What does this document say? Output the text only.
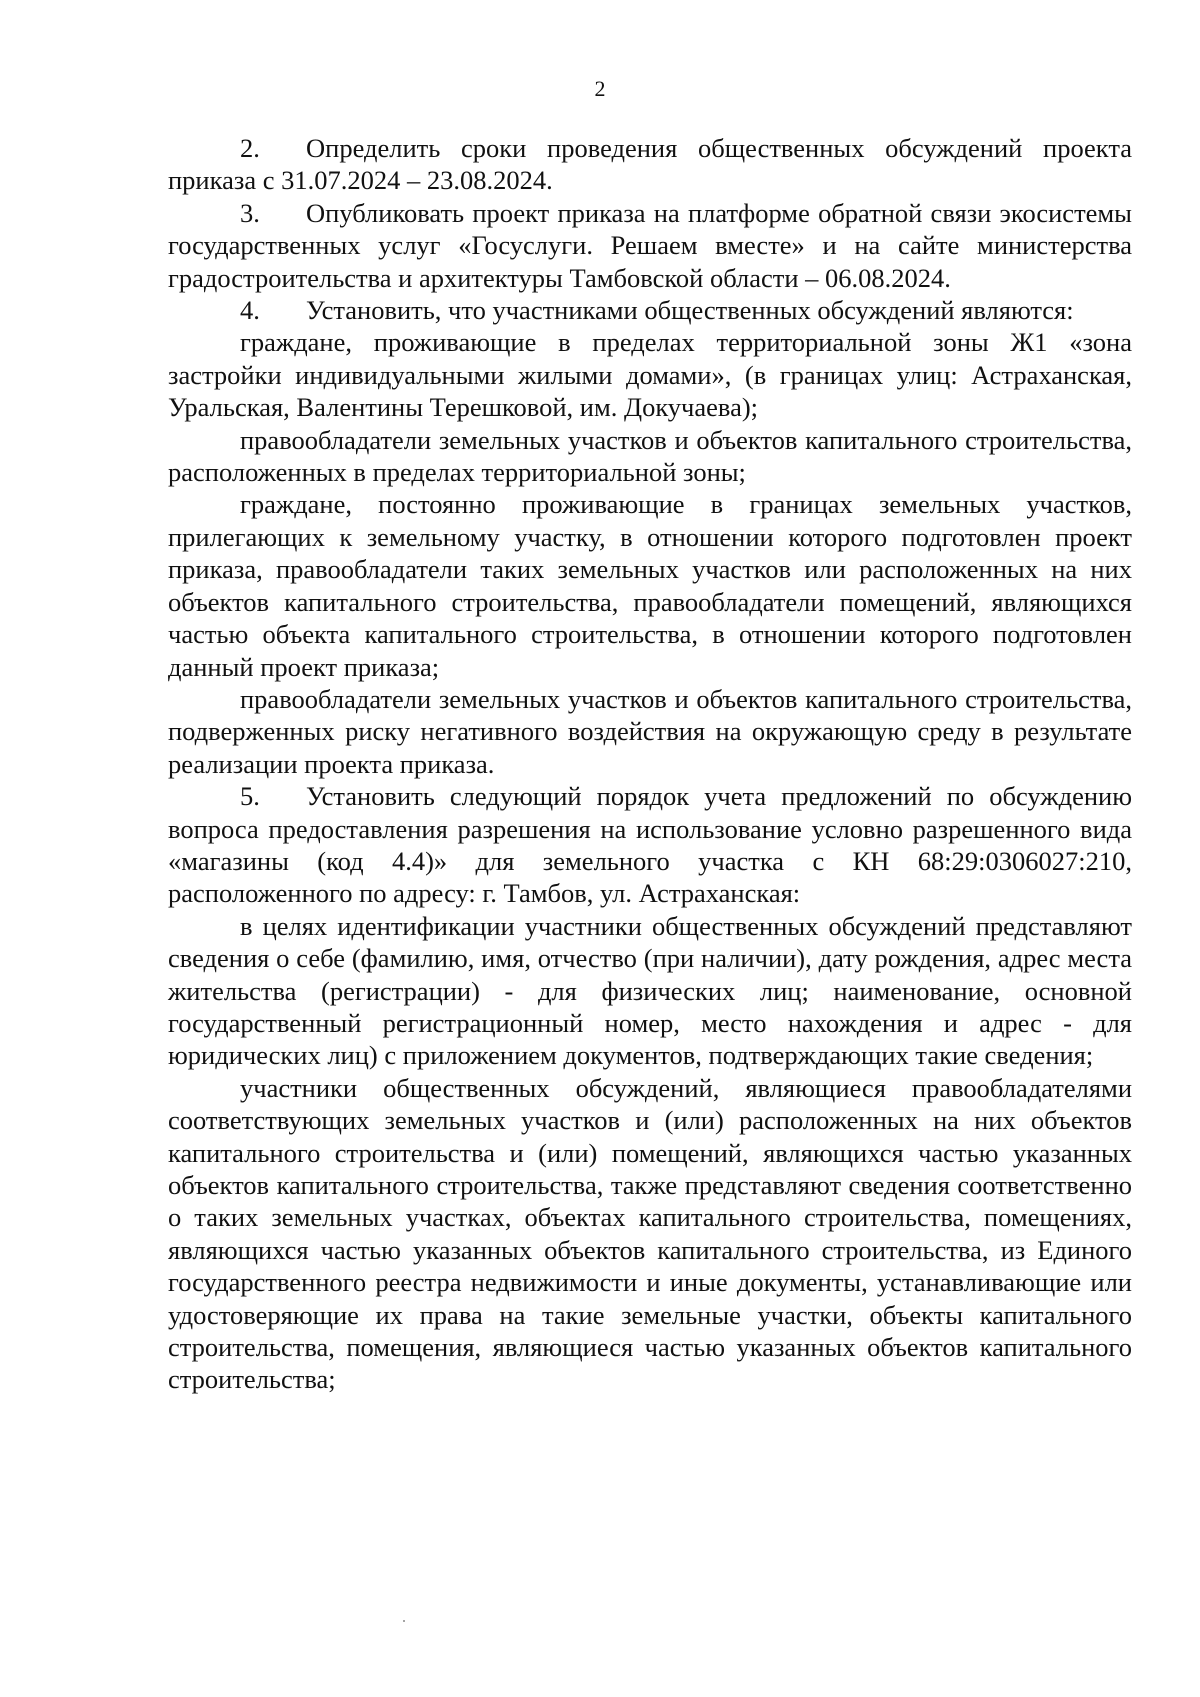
2

2. Определить сроки проведения общественных обсуждений проекта приказа с 31.07.2024 – 23.08.2024.

3. Опубликовать проект приказа на платформе обратной связи экосистемы государственных услуг «Госуслуги. Решаем вместе» и на сайте министерства градостроительства и архитектуры Тамбовской области – 06.08.2024.

4. Установить, что участниками общественных обсуждений являются:

граждане, проживающие в пределах территориальной зоны Ж1 «зона застройки индивидуальными жилыми домами», (в границах улиц: Астраханская, Уральская, Валентины Терешковой, им. Докучаева);

правообладатели земельных участков и объектов капитального строительства, расположенных в пределах территориальной зоны;

граждане, постоянно проживающие в границах земельных участков, прилегающих к земельному участку, в отношении которого подготовлен проект приказа, правообладатели таких земельных участков или расположенных на них объектов капитального строительства, правообладатели помещений, являющихся частью объекта капитального строительства, в отношении которого подготовлен данный проект приказа;

правообладатели земельных участков и объектов капитального строительства, подверженных риску негативного воздействия на окружающую среду в результате реализации проекта приказа.

5. Установить следующий порядок учета предложений по обсуждению вопроса предоставления разрешения на использование условно разрешенного вида «магазины (код 4.4)» для земельного участка с КН 68:29:0306027:210, расположенного по адресу: г. Тамбов, ул. Астраханская:

в целях идентификации участники общественных обсуждений представляют сведения о себе (фамилию, имя, отчество (при наличии), дату рождения, адрес места жительства (регистрации) - для физических лиц; наименование, основной государственный регистрационный номер, место нахождения и адрес - для юридических лиц) с приложением документов, подтверждающих такие сведения;

участники общественных обсуждений, являющиеся правообладателями соответствующих земельных участков и (или) расположенных на них объектов капитального строительства и (или) помещений, являющихся частью указанных объектов капитального строительства, также представляют сведения соответственно о таких земельных участках, объектах капитального строительства, помещениях, являющихся частью указанных объектов капитального строительства, из Единого государственного реестра недвижимости и иные документы, устанавливающие или удостоверяющие их права на такие земельные участки, объекты капитального строительства, помещения, являющиеся частью указанных объектов капитального строительства;
